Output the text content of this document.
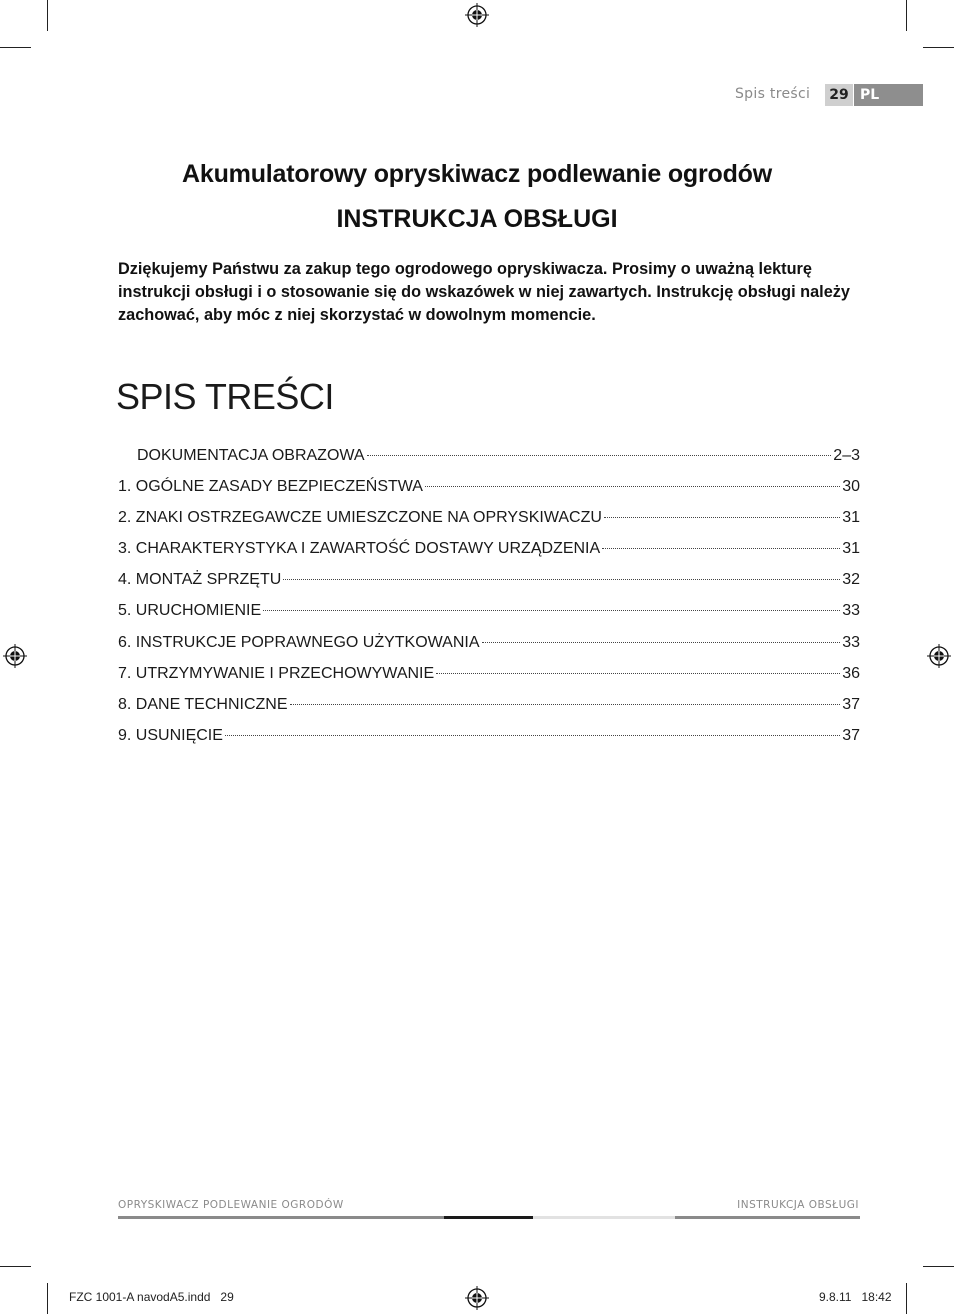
Spis treści	29 PL
Akumulatorowy opryskiwacz podlewanie ogrodów
INSTRUKCJA OBSŁUGI

Dziękujemy Państwu za zakup tego ogrodowego opryskiwacza. Prosimy o uważną lekturę instrukcji obsługi i o stosowanie się do wskazówek w niej zawartych. Instrukcję obsługi należy zachować, aby móc z niej skorzystać w dowolnym momencie.

SPIS TREŚCI
DOKUMENTACJA OBRAZOWA	2–3
1. OGÓLNE ZASADY BEZPIECZEŃSTWA	30
2. ZNAKI OSTRZEGAWCZE UMIESZCZONE NA OPRYSKIWACZU	31
3. CHARAKTERYSTYKA I ZAWARTOŚĆ DOSTAWY URZĄDZENIA	31
4. MONTAŻ SPRZĘTU	32
5. URUCHOMIENIE	33
6. INSTRUKCJE POPRAWNEGO UŻYTKOWANIA	33
7. UTRZYMYWANIE I PRZECHOWYWANIE	36
8. DANE TECHNICZNE	37
9. USUNIĘCIE	37
OPRYSKIWACZ PODLEWANIE OGRODÓW	INSTRUKCJA OBSŁUGI
FZC 1001-A navodA5.indd   29	9.8.11   18:42
